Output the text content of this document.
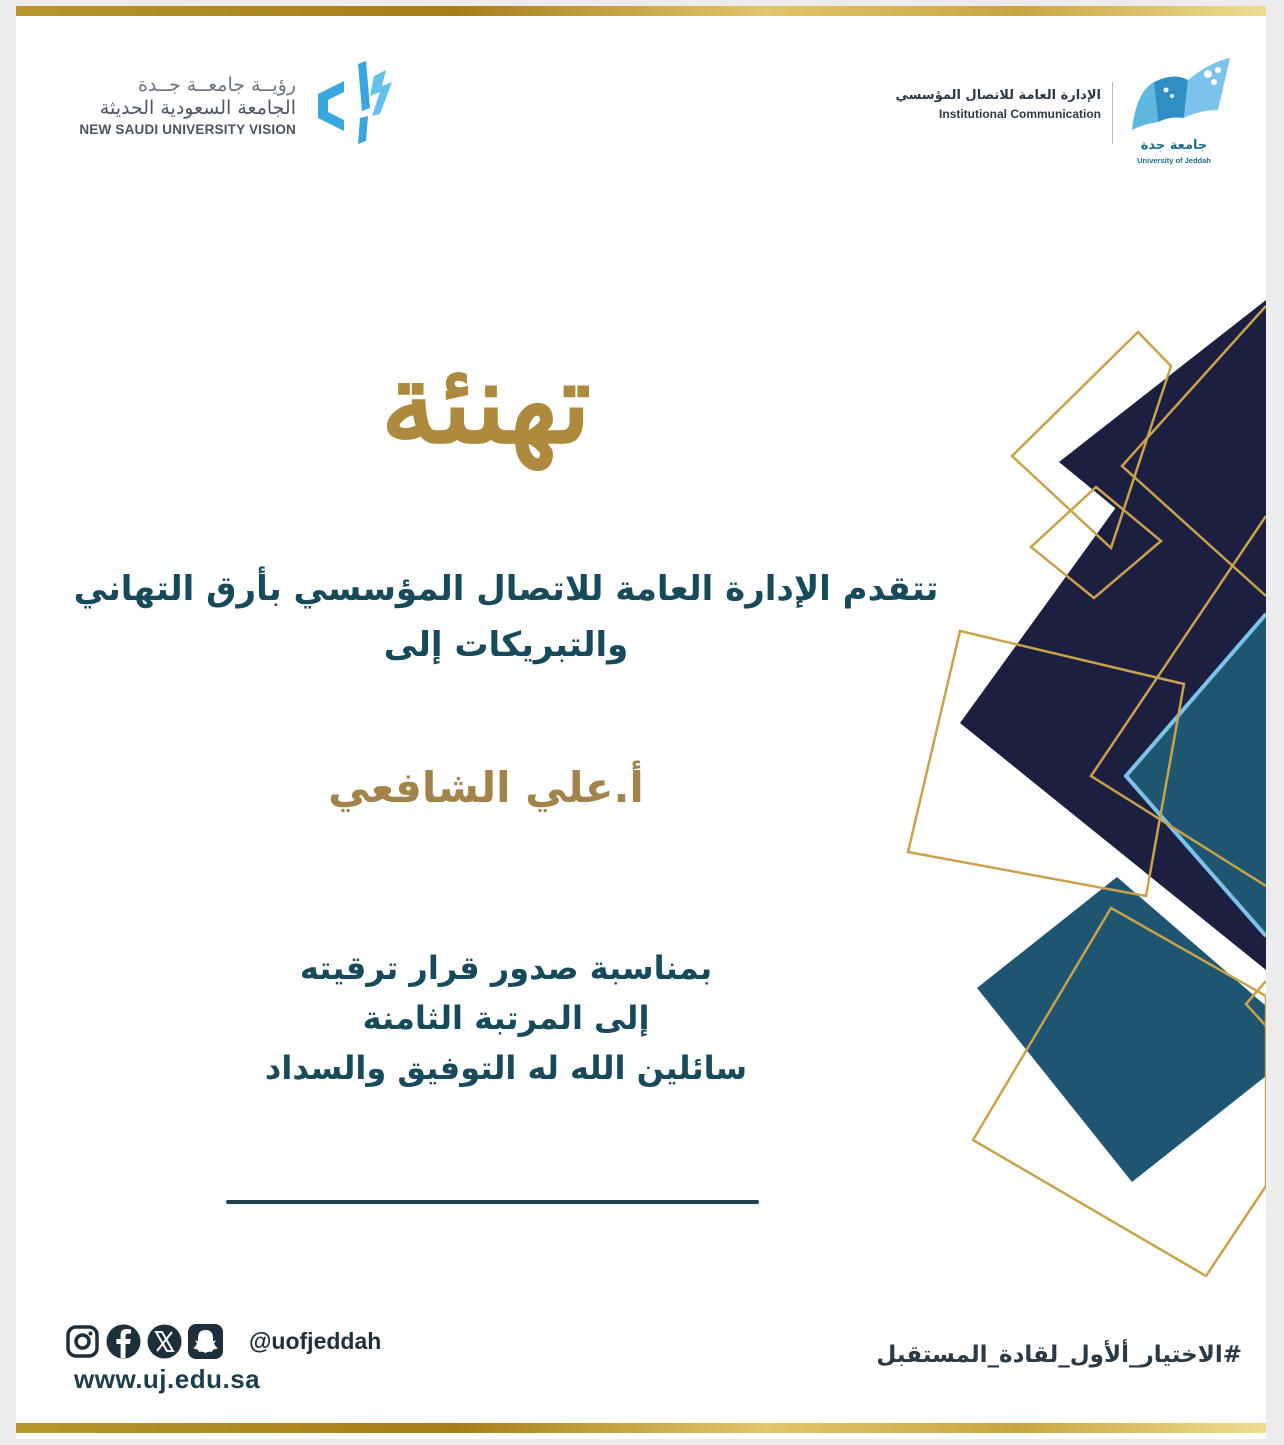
رؤيــة جامعــة جــدة
الجامعة السعودية الحديثة
NEW SAUDI UNIVERSITY VISION
الإدارة العامة للاتصال المؤسسي
Institutional Communication
جامعة جدة
University of Jeddah
تهنئة
تتقدم الإدارة العامة للاتصال المؤسسي بأرق التهاني
والتبريكات إلى
أ.علي الشافعي
بمناسبة صدور قرار ترقيته
إلى المرتبة الثامنة
سائلين الله له التوفيق والسداد
@uofjeddah
www.uj.edu.sa
#الاختيار_ألأول_لقادة_المستقبل
